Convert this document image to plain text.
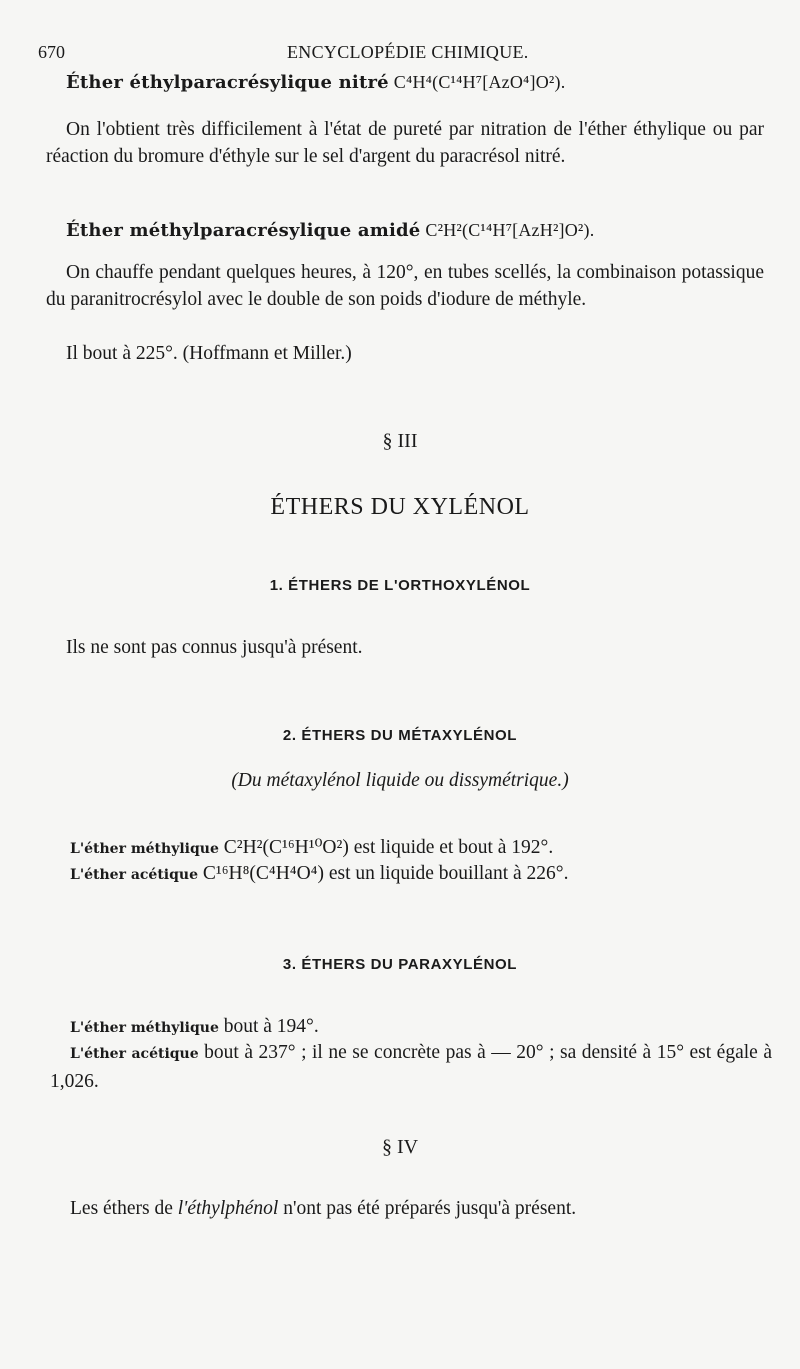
670	ENCYCLOPÉDIE CHIMIQUE.
Éther éthylparacrésylique nitré C⁴H⁴(C¹⁴H⁷[AzO⁴]O²).
On l'obtient très difficilement à l'état de pureté par nitration de l'éther éthylique ou par réaction du bromure d'éthyle sur le sel d'argent du paracrésol nitré.
Éther méthylparacrésylique amidé C²H²(C¹⁴H⁷[AzH²]O²).
On chauffe pendant quelques heures, à 120°, en tubes scellés, la combinaison potassique du paranitrocrésylol avec le double de son poids d'iodure de méthyle.
Il bout à 225°. (Hoffmann et Miller.)
§ III
ÉTHERS DU XYLÉNOL
1. ÉTHERS DE L'ORTHOXYLÉNOL
Ils ne sont pas connus jusqu'à présent.
2. ÉTHERS DU MÉTAXYLÉNOL
(Du métaxylénol liquide ou dissymétrique.)
L'éther méthylique C²H²(C¹⁶H¹⁰O²) est liquide et bout à 192°.
L'éther acétique C¹⁶H⁸(C⁴H⁴O⁴) est un liquide bouillant à 226°.
3. ÉTHERS DU PARAXYLÉNOL
L'éther méthylique bout à 194°.
L'éther acétique bout à 237° ; il ne se concrète pas à — 20° ; sa densité à 15° est égale à 1,026.
§ IV
Les éthers de l'éthylphénol n'ont pas été préparés jusqu'à présent.
